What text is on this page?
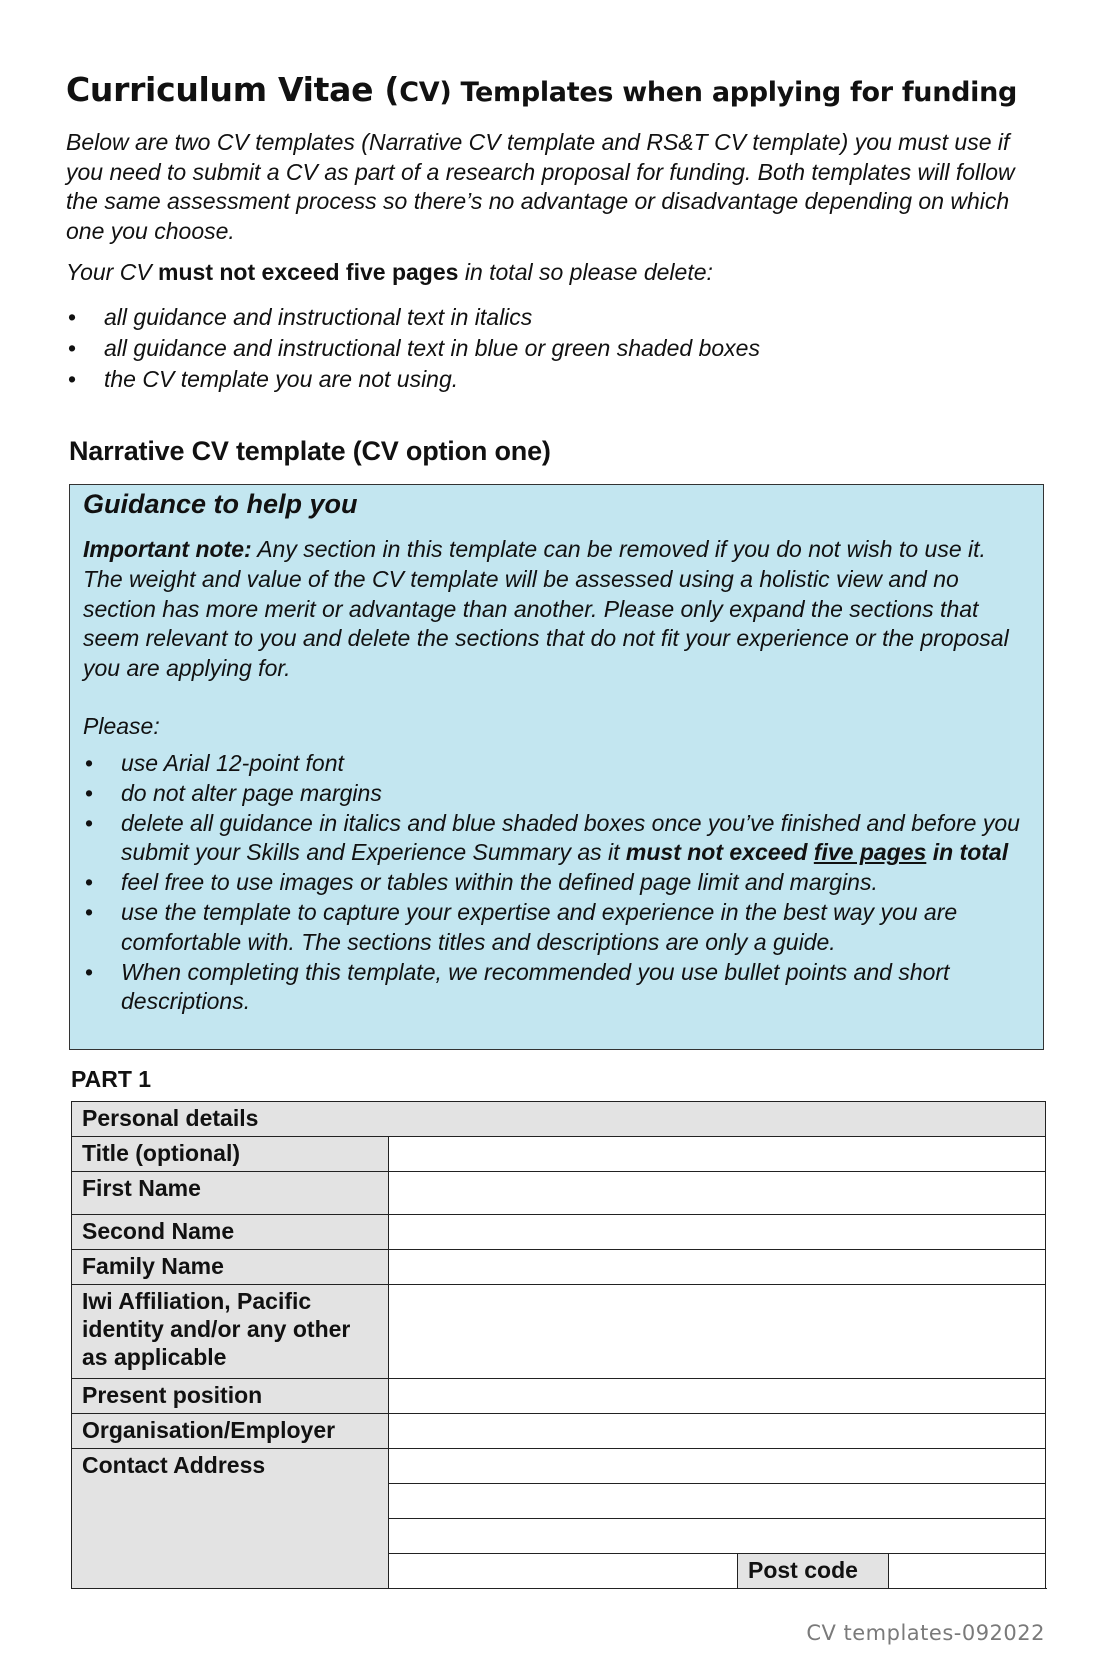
Curriculum Vitae (CV) Templates when applying for funding

Below are two CV templates (Narrative CV template and RS&T CV template) you must use if you need to submit a CV as part of a research proposal for funding. Both templates will follow the same assessment process so there’s no advantage or disadvantage depending on which one you choose.

Your CV must not exceed five pages in total so please delete:

• all guidance and instructional text in italics
• all guidance and instructional text in blue or green shaded boxes
• the CV template you are not using.
Narrative CV template (CV option one)
Guidance to help you

Important note: Any section in this template can be removed if you do not wish to use it. The weight and value of the CV template will be assessed using a holistic view and no section has more merit or advantage than another. Please only expand the sections that seem relevant to you and delete the sections that do not fit your experience or the proposal you are applying for.

Please:

• use Arial 12-point font
• do not alter page margins
• delete all guidance in italics and blue shaded boxes once you’ve finished and before you submit your Skills and Experience Summary as it must not exceed five pages in total
• feel free to use images or tables within the defined page limit and margins.
• use the template to capture your expertise and experience in the best way you are comfortable with. The sections titles and descriptions are only a guide.
• When completing this template, we recommended you use bullet points and short descriptions.

PART 1

Personal details			
Title (optional)			
First Name			
Second Name			
Family Name			
Iwi Affiliation, Pacific identity and/or any other as applicable			
Present position			
Organisation/Employer			
Contact Address			

		Post code	
CV templates-092022
